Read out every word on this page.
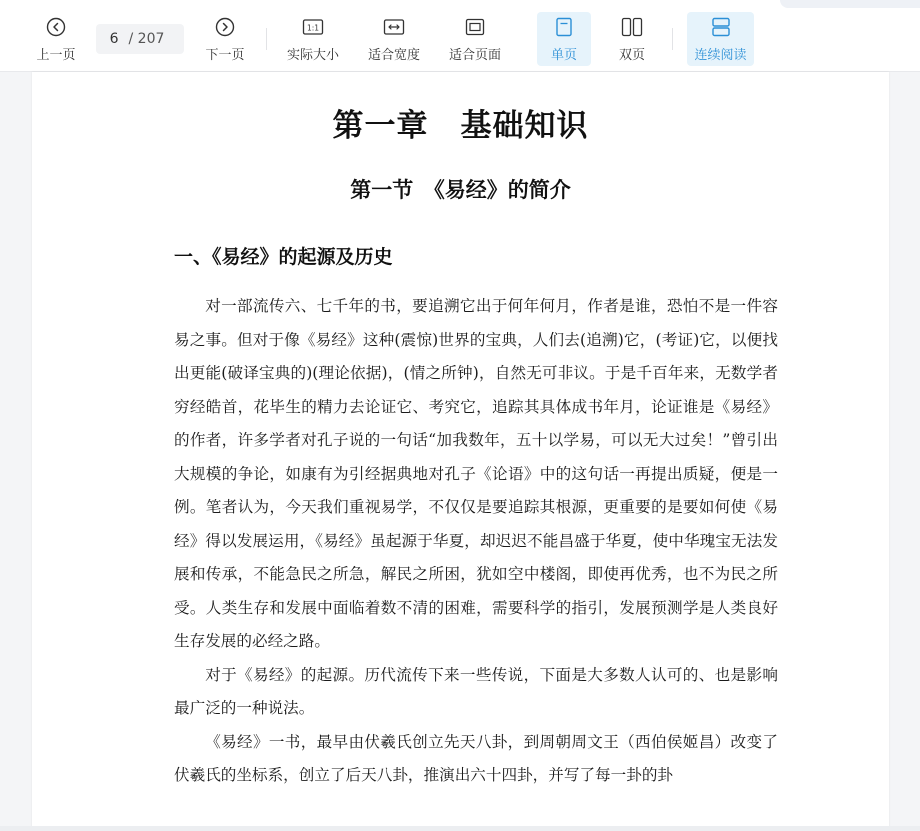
上一页
6 / 207
下一页
1:1
实际大小 适合宽度 适合页面	单页	双页	连续阅读
第一章　基础知识
第一节　《易经》的简介
一、《易经》的起源及历史

对一部流传六、七千年的书，要追溯它出于何年何月，作者是谁，恐怕不是一件容易之事。但对于像《易经》这种(震惊)世界的宝典，人们去(追溯)它，(考证)它，以便找出更能(破译宝典的)(理论依据)，(情之所钟)，自然无可非议。于是千百年来，无数学者穷经皓首，花毕生的精力去论证它、考究它，追踪其具体成书年月，论证谁是《易经》的作者，许多学者对孔子说的一句话“加我数年，五十以学易，可以无大过矣！”曾引出大规模的争论，如康有为引经据典地对孔子《论语》中的这句话一再提出质疑，便是一例。笔者认为，今天我们重视易学，不仅仅是要追踪其根源，更重要的是要如何使《易经》得以发展运用，《易经》虽起源于华夏，却迟迟不能昌盛于华夏，使中华瑰宝无法发展和传承，不能急民之所急，解民之所困，犹如空中楼阁，即使再优秀，也不为民之所受。人类生存和发展中面临着数不清的困难，需要科学的指引，发展预测学是人类良好生存发展的必经之路。

对于《易经》的起源。历代流传下来一些传说，下面是大多数人认可的、也是影响最广泛的一种说法。

《易经》一书，最早由伏羲氏创立先天八卦，到周朝周文王（西伯侯姬昌）改变了伏羲氏的坐标系，创立了后天八卦，推演出六十四卦，并写了每一卦的卦
